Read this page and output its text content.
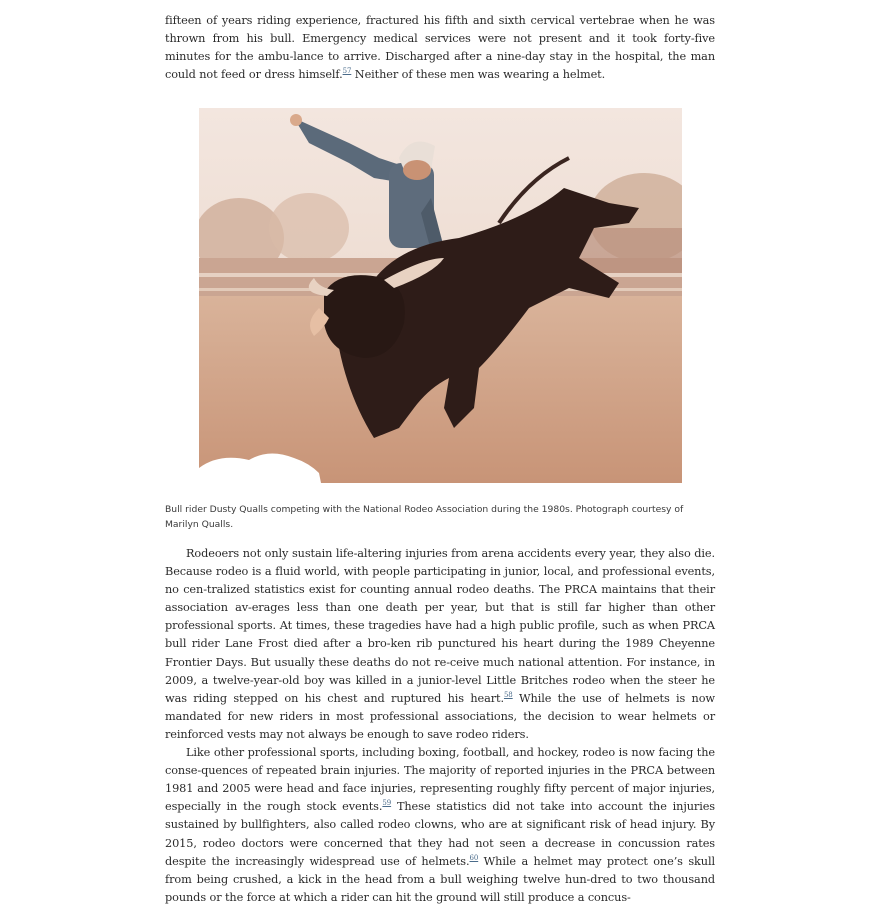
fifteen of years riding experience, fractured his fifth and sixth cervical vertebrae when he was thrown from his bull. Emergency medical services were not present and it took forty-five minutes for the ambu-lance to arrive. Discharged after a nine-day stay in the hospital, the man could not feed or dress himself.$^{57}$ Neither of these men was wearing a helmet.

Bull rider Dusty Qualls competing with the National Rodeo Association during the 1980s. Photograph courtesy of Marilyn Qualls.

Rodeoers not only sustain life-altering injuries from arena accidents every year, they also die. Because rodeo is a fluid world, with people participating in junior, local, and professional events, no cen-tralized statistics exist for counting annual rodeo deaths. The PRCA maintains that their association av-erages less than one death per year, but that is still far higher than other professional sports. At times, these tragedies have had a high public profile, such as when PRCA bull rider Lane Frost died after a bro-ken rib punctured his heart during the 1989 Cheyenne Frontier Days. But usually these deaths do not re-ceive much national attention. For instance, in 2009, a twelve-year-old boy was killed in a junior-level Little Britches rodeo when the steer he was riding stepped on his chest and ruptured his heart.$^{58}$ While the use of helmets is now mandated for new riders in most professional associations, the decision to wear helmets or reinforced vests may not always be enough to save rodeo riders.

Like other professional sports, including boxing, football, and hockey, rodeo is now facing the conse-quences of repeated brain injuries. The majority of reported injuries in the PRCA between 1981 and 2005 were head and face injuries, representing roughly fifty percent of major injuries, especially in the rough stock events.$^{59}$ These statistics did not take into account the injuries sustained by bullfighters, also called rodeo clowns, who are at significant risk of head injury. By 2015, rodeo doctors were concerned that they had not seen a decrease in concussion rates despite the increasingly widespread use of helmets.$^{60}$ While a helmet may protect one’s skull from being crushed, a kick in the head from a bull weighing twelve hun-dred to two thousand pounds or the force at which a rider can hit the ground will still produce a concus-
